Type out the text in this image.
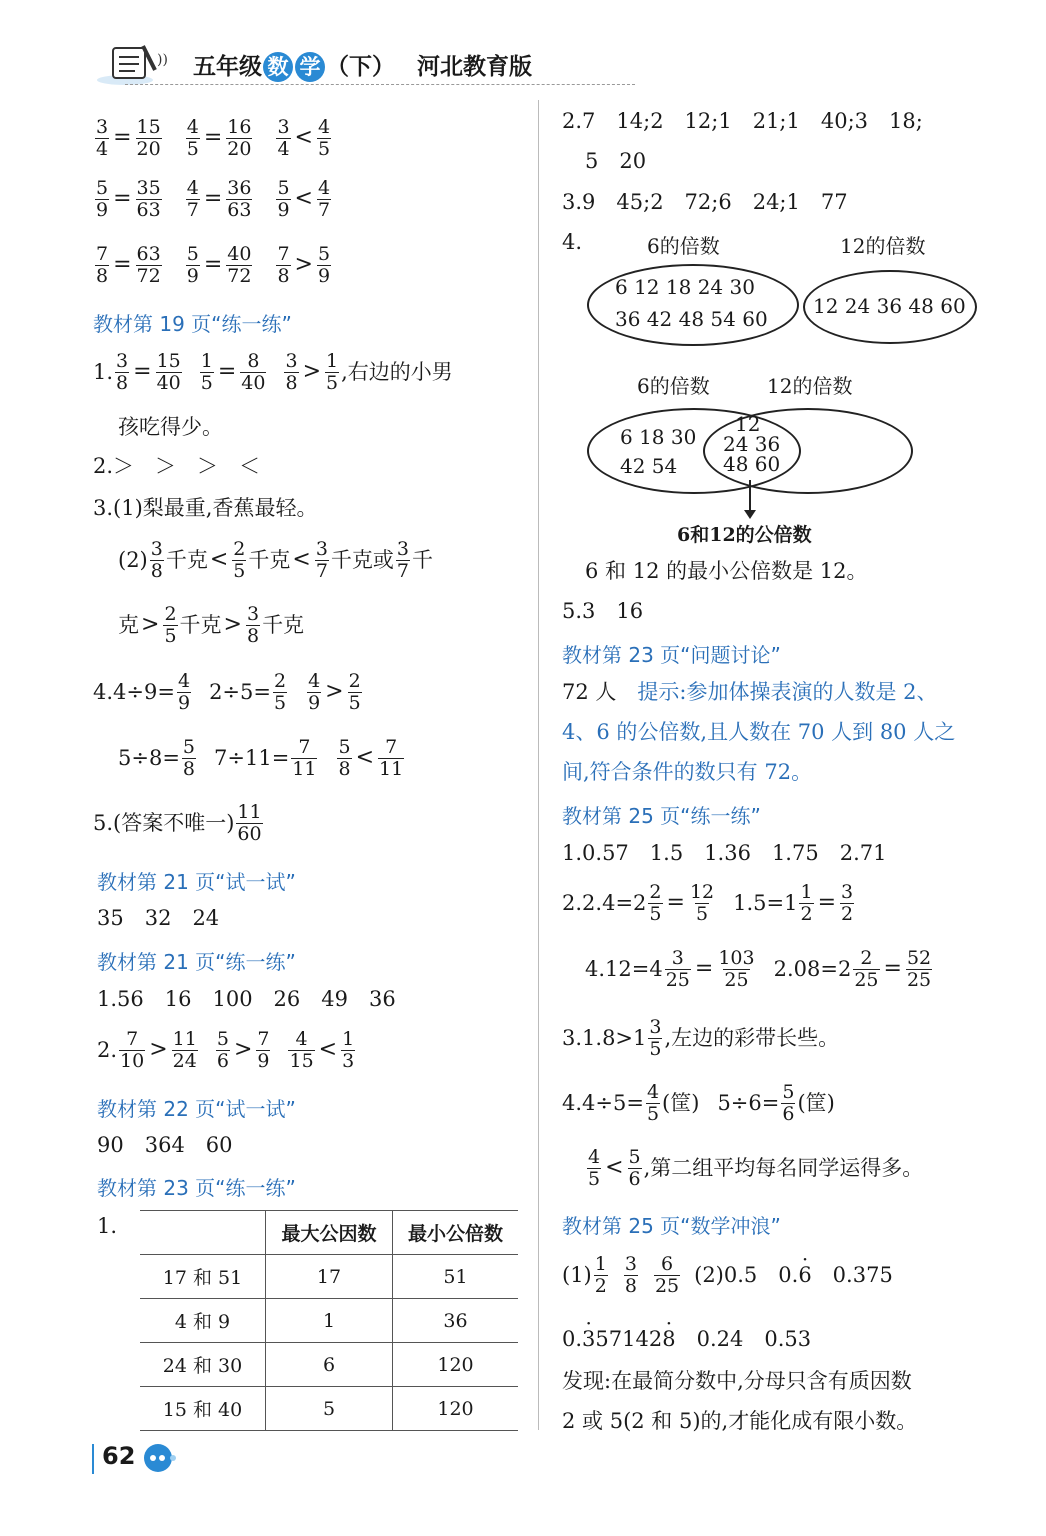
)) 五年级 数 学 （下） 河北教育版
$\frac{3}{4} = \frac{15}{20} \frac{4}{5} = \frac{16}{20} \frac{3}{4} < \frac{4}{5}$
$\frac{5}{9} = \frac{35}{63} \frac{4}{7} = \frac{36}{63} \frac{5}{9} < \frac{4}{7}$
$\frac{7}{8} = \frac{63}{72} \frac{5}{9} = \frac{40}{72} \frac{7}{8} > \frac{5}{9}$
教材第 19 页“练一练”
1. $\frac{3}{8} = \frac{15}{40} \frac{1}{5} = \frac{8}{40} \frac{3}{8} > \frac{1}{5}$ ,右边的小男
孩吃得少。
2.＞　＞　＞　＜
3.(1)梨最重,香蕉最轻。
$(2) \frac{3}{8}$ 千克 < $\frac{2}{5}$ 千克 < $\frac{3}{7}$ 千克或 $\frac{3}{7}$ 千
克 > $\frac{2}{5}$ 千克 > $\frac{3}{8}$ 千克
4. $4\div 9= \frac{4}{9} 2\div 5= \frac{2}{5} \frac{4}{9} > \frac{2}{5}$
$5\div 8= \frac{5}{8} 7\div 11= \frac{7}{11} \frac{5}{8} < \frac{7}{11}$
5.(答案不唯一) $\frac{11}{60}$
教材第 21 页“试一试”
35　32　24
教材第 21 页“练一练”
1.56　16　100　26　49　36
2. $\frac{7}{10} > \frac{11}{24} \frac{5}{6} > \frac{7}{9} \frac{4}{15} < \frac{1}{3}$
教材第 22 页“试一试”
90　364　60
教材第 23 页“练一练”
1.
		最大公因数	最小公倍数
17 和 51	17	51
4 和 9	1	36
24 和 30	6	120
15 和 40	5	120
2.7　14;2　12;1　21;1　40;3　18;
5　20
3.9　45;2　72;6　24;1　77
4.	6的倍数	12的倍数
6 12 18 24 30
36 42 48 54 60
12 24 36 48 60
6的倍数	12的倍数
6 18 30
42 54
12
24 36
48 60
6和12的公倍数
6 和 12 的最小公倍数是 12。
5.3　16
教材第 23 页“问题讨论”
72 人　提示:参加体操表演的人数是 2、
4、6 的公倍数,且人数在 70 人到 80 人之
间,符合条件的数只有 72。
教材第 25 页“练一练”
1.0.57　1.5　1.36　1.75　2.71
2. $2.4=2 \frac{2}{5} = \frac{12}{5} 1.5=1 \frac{1}{2} = \frac{3}{2}$
$4.12=4 \frac{3}{25} = \frac{103}{25} 2.08=2 \frac{2}{25} = \frac{52}{25}$
$3.1.8>1 \frac{3}{5}$ ,左边的彩带长些。
$4.4\div 5= \frac{4}{5}$ (筐) $5\div 6= \frac{5}{6}$ (筐)
$\frac{4}{5} < \frac{5}{6}$ ,第二组平均每名同学运得多。
教材第 25 页“数学冲浪”
$(1) \frac{1}{2} \frac{3}{8} \frac{6}{25} (2)0.5$　0. · 6 　0.375
0.· 357142· 8　0.24　0.53
发现:在最简分数中,分母只含有质因数
2 或 5(2 和 5)的,才能化成有限小数。
62
